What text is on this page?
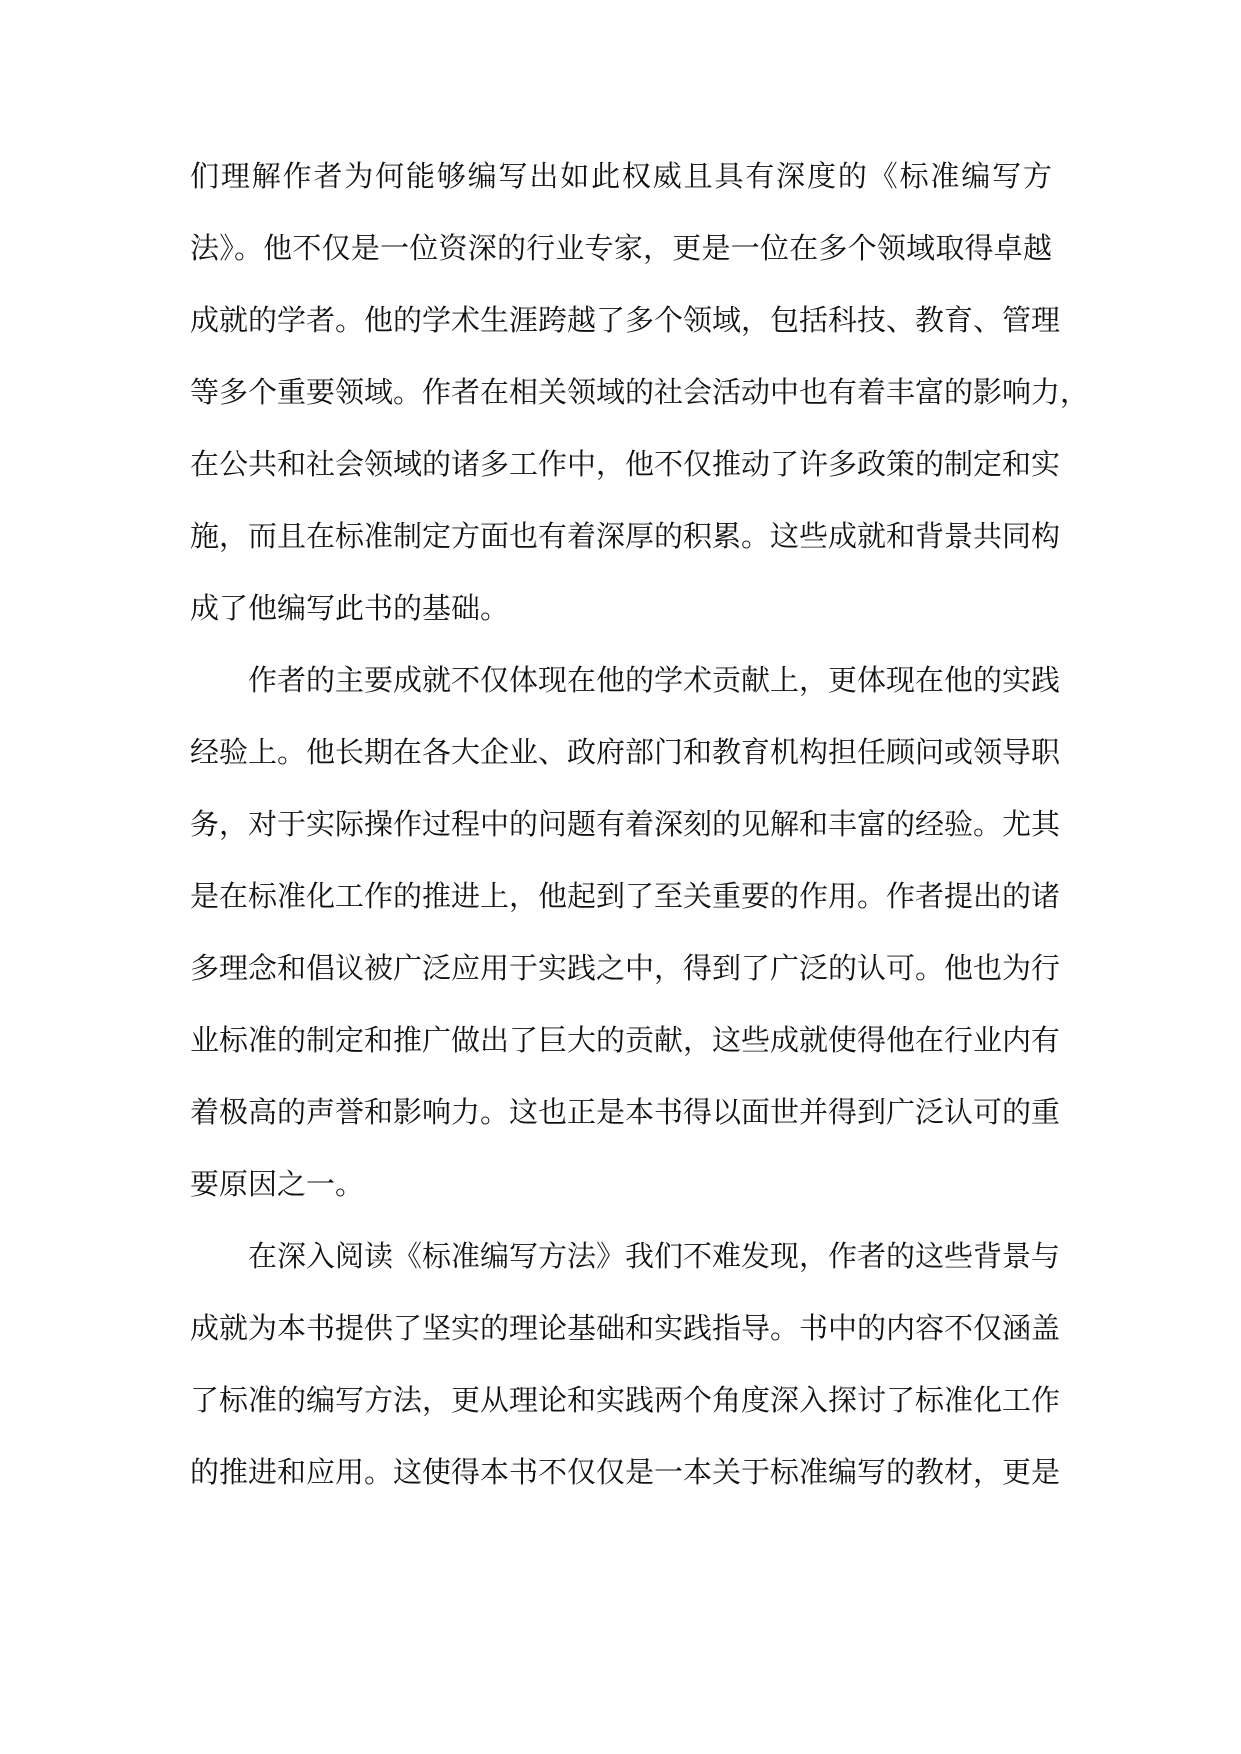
们理解作者为何能够编写出如此权威且具有深度的《标准编写方
法》。他不仅是一位资深的行业专家，更是一位在多个领域取得卓越
成就的学者。他的学术生涯跨越了多个领域，包括科技、教育、管理
等多个重要领域。作者在相关领域的社会活动中也有着丰富的影响力，
在公共和社会领域的诸多工作中，他不仅推动了许多政策的制定和实
施，而且在标准制定方面也有着深厚的积累。这些成就和背景共同构
成了他编写此书的基础。
作者的主要成就不仅体现在他的学术贡献上，更体现在他的实践
经验上。他长期在各大企业、政府部门和教育机构担任顾问或领导职
务，对于实际操作过程中的问题有着深刻的见解和丰富的经验。尤其
是在标准化工作的推进上，他起到了至关重要的作用。作者提出的诸
多理念和倡议被广泛应用于实践之中，得到了广泛的认可。他也为行
业标准的制定和推广做出了巨大的贡献，这些成就使得他在行业内有
着极高的声誉和影响力。这也正是本书得以面世并得到广泛认可的重
要原因之一。
在深入阅读《标准编写方法》我们不难发现，作者的这些背景与
成就为本书提供了坚实的理论基础和实践指导。书中的内容不仅涵盖
了标准的编写方法，更从理论和实践两个角度深入探讨了标准化工作
的推进和应用。这使得本书不仅仅是一本关于标准编写的教材，更是
